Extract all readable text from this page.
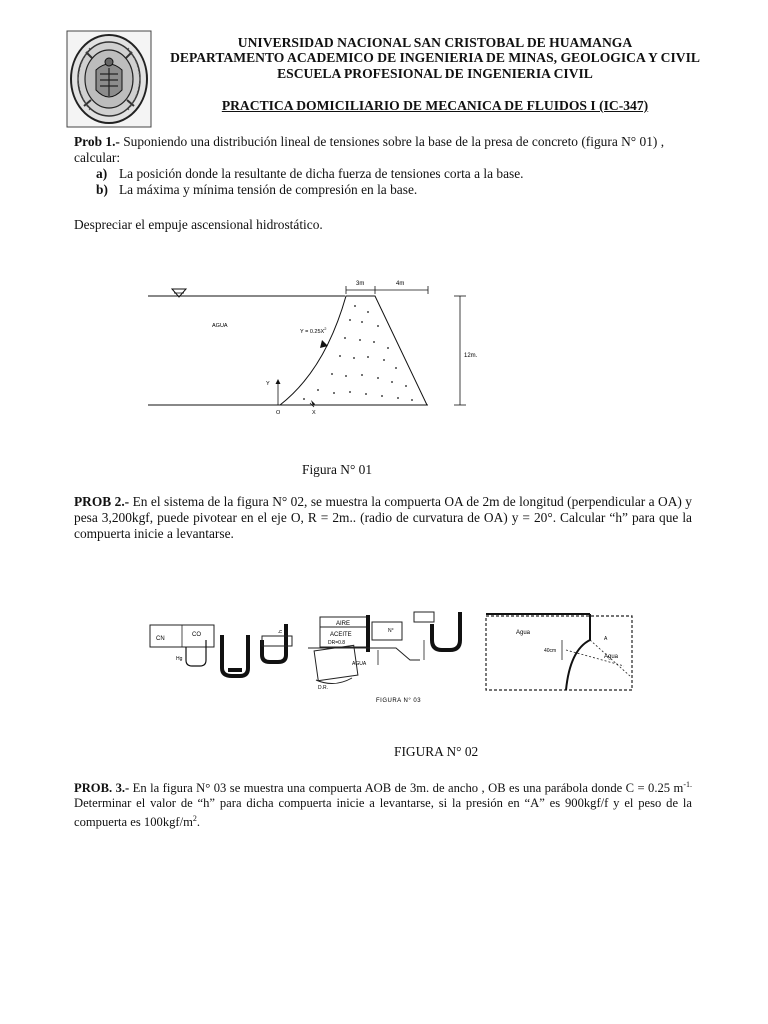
UNIVERSIDAD NACIONAL SAN CRISTOBAL DE HUAMANGA
DEPARTAMENTO ACADEMICO DE INGENIERIA DE MINAS, GEOLOGICA Y CIVIL
ESCUELA PROFESIONAL DE INGENIERIA CIVIL
PRACTICA DOMICILIARIO DE MECANICA DE FLUIDOS I (IC-347)
Prob 1.- Suponiendo una distribución lineal de tensiones sobre la base de la presa de concreto (figura N° 01) , calcular:
a) La posición donde la resultante de dicha fuerza de tensiones corta a la base.
b) La máxima y mínima tensión de compresión en la base.
Despreciar el empuje ascensional hidrostático.
3m	4m
12m.
AGUA
$Y = 0.25X^2$
Y
X
O
Figura N° 01
PROB 2.- En el sistema de la figura N° 02, se muestra la compuerta OA de 2m de longitud (perpendicular a OA) y pesa 3,200kgf, puede pivotear en el eje O, R = 2m.. (radio de curvatura de OA) y = 20°. Calcular “h” para que la compuerta inicie a levantarse.
CN
CO
Hg
h
AIRE
ACEITE
DR=0.8
N°
AGUA
D.R.
Agua
A
Agua
40cm
FIGURA N° 03
FIGURA N° 02
PROB. 3.- En la figura N° 03 se muestra una compuerta AOB de 3m. de ancho , OB es una parábola donde C = 0.25 $m^{-1.}$ Determinar el valor de “h” para dicha compuerta inicie a levantarse, si la presión en “A” es 900kgf/f y el peso de la compuerta es $100kgf/m^2$.
